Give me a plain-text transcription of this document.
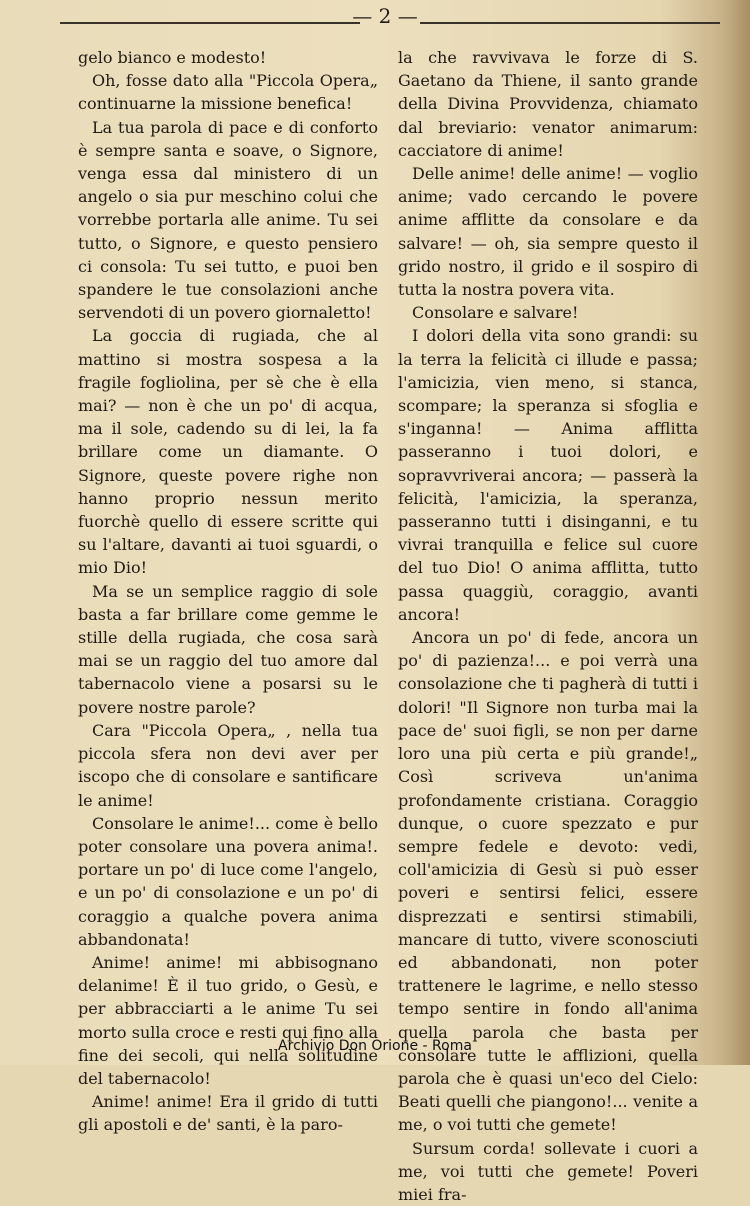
— 2 —

gelo bianco e modesto!

Oh, fosse dato alla "Piccola Opera„ continuarne la missione benefica!

La tua parola di pace e di conforto è sempre santa e soave, o Signore, venga essa dal ministero di un angelo o sia pur meschino colui che vorrebbe portarla alle anime. Tu sei tutto, o Signore, e questo pensiero ci consola: Tu sei tutto, e puoi ben spandere le tue consolazioni anche servendoti di un povero giornaletto!

La goccia di rugiada, che al mattino si mostra sospesa a la fragile fogliolina, per sè che è ella mai? — non è che un po' di acqua, ma il sole, cadendo su di lei, la fa brillare come un diamante. O Signore, queste povere righe non hanno proprio nessun merito fuorchè quello di essere scritte qui su l'altare, davanti ai tuoi sguardi, o mio Dio!

Ma se un semplice raggio di sole basta a far brillare come gemme le stille della rugiada, che cosa sarà mai se un raggio del tuo amore dal tabernacolo viene a posarsi su le povere nostre parole?

Cara "Piccola Opera„ , nella tua piccola sfera non devi aver per iscopo che di consolare e santificare le anime!

Consolare le anime!... come è bello poter consolare una povera anima!. portare un po' di luce come l'angelo, e un po' di consolazione e un po' di coraggio a qualche povera anima abbandonata!

Anime! anime! mi abbisognano delanime! È il tuo grido, o Gesù, e per abbracciarti a le anime Tu sei morto sulla croce e resti qui fino alla fine dei secoli, qui nella solitudine del tabernacolo!

Anime! anime! Era il grido di tutti gli apostoli e de' santi, è la paro-

la che ravvivava le forze di S. Gaetano da Thiene, il santo grande della Divina Provvidenza, chiamato dal breviario: venator animarum: cacciatore di anime!

Delle anime! delle anime! — voglio anime; vado cercando le povere anime afflitte da consolare e da salvare! — oh, sia sempre questo il grido nostro, il grido e il sospiro di tutta la nostra povera vita.

Consolare e salvare!

I dolori della vita sono grandi: su la terra la felicità ci illude e passa; l'amicizia, vien meno, si stanca, scompare; la speranza si sfoglia e s'inganna! — Anima afflitta passeranno i tuoi dolori, e sopravvriverai ancora; — passerà la felicità, l'amicizia, la speranza, passeranno tutti i disinganni, e tu vivrai tranquilla e felice sul cuore del tuo Dio! O anima afflitta, tutto passa quaggiù, coraggio, avanti ancora!

Ancora un po' di fede, ancora un po' di pazienza!... e poi verrà una consolazione che ti pagherà di tutti i dolori! "Il Signore non turba mai la pace de' suoi figli, se non per darne loro una più certa e più grande!„ Così scriveva un'anima profondamente cristiana. Coraggio dunque, o cuore spezzato e pur sempre fedele e devoto: vedi, coll'amicizia di Gesù si può esser poveri e sentirsi felici, essere disprezzati e sentirsi stimabili, mancare di tutto, vivere sconosciuti ed abbandonati, non poter trattenere le lagrime, e nello stesso tempo sentire in fondo all'anima quella parola che basta per consolare tutte le afflizioni, quella parola che è quasi un'eco del Cielo: Beati quelli che piangono!... venite a me, o voi tutti che gemete!

Sursum corda! sollevate i cuori a me, voi tutti che gemete! Poveri miei fra-

Archivio Don Orione - Roma
